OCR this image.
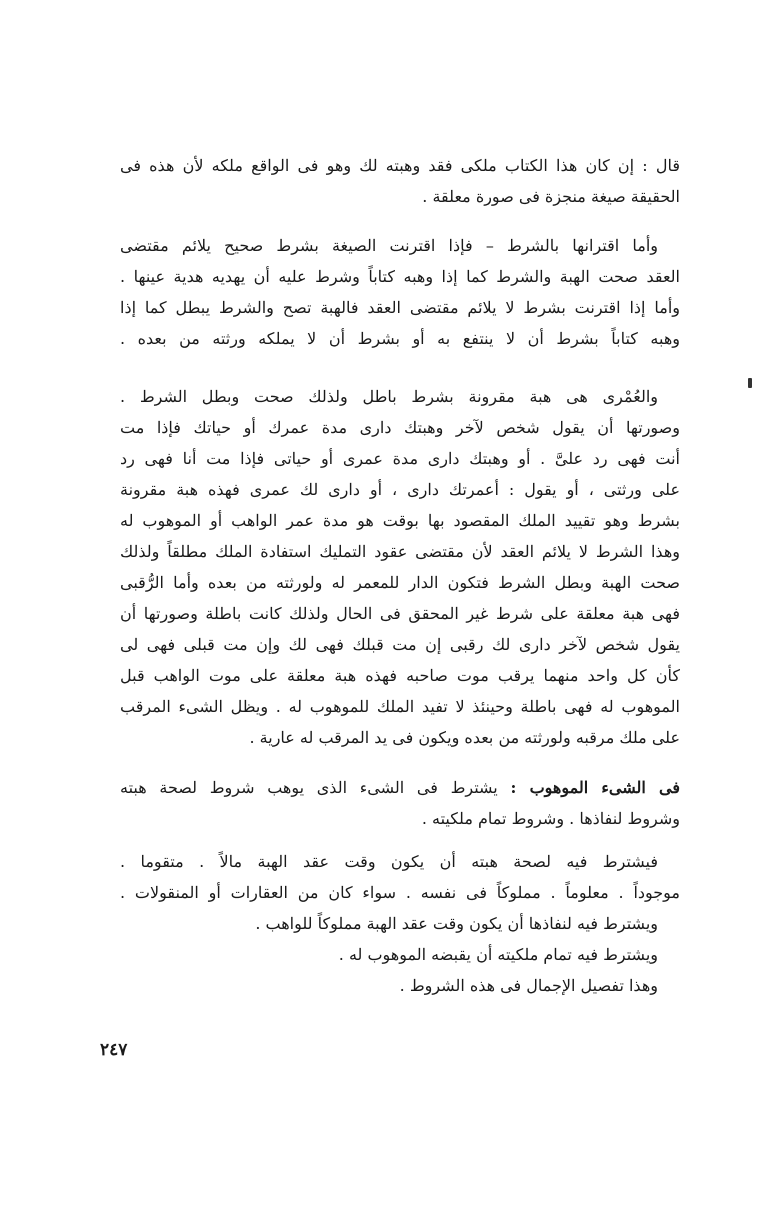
قال : إن كان هذا الكتاب ملكى فقد وهبته لك وهو فى الواقع ملكه لأن هذه فى
الحقيقة صيغة منجزة فى صورة معلقة .
وأما اقترانها بالشرط – فإذا اقترنت الصيغة بشرط صحيح يلائم مقتضى
العقد صحت الهبة والشرط كما إذا وهبه كتاباً وشرط عليه أن يهديه هدية عينها .
وأما إذا اقترنت بشرط لا يلائم مقتضى العقد فالهبة تصح والشرط يبطل كما إذا
وهبه كتاباً بشرط أن لا ينتفع به أو بشرط أن لا يملكه ورثته من بعده .
والعُمْرى هى هبة مقرونة بشرط باطل ولذلك صحت وبطل الشرط .
وصورتها أن يقول شخص لآخر وهبتك دارى مدة عمرك أو حياتك فإذا مت
أنت فهى رد علىَّ . أو وهبتك دارى مدة عمرى أو حياتى فإذا مت أنا فهى رد
على ورثتى ، أو يقول : أعمرتك دارى ، أو دارى لك عمرى فهذه هبة مقرونة
بشرط وهو تقييد الملك المقصود بها بوقت هو مدة عمر الواهب أو الموهوب له
وهذا الشرط لا يلائم العقد لأن مقتضى عقود التمليك استفادة الملك مطلقاً ولذلك
صحت الهبة وبطل الشرط فتكون الدار للمعمر له ولورثته من بعده وأما الرُّقبى
فهى هبة معلقة على شرط غير المحقق فى الحال ولذلك كانت باطلة وصورتها أن
يقول شخص لآخر دارى لك رقبى إن مت قبلك فهى لك وإن مت قبلى فهى لى
كأن كل واحد منهما يرقب موت صاحبه فهذه هبة معلقة على موت الواهب قبل
الموهوب له فهى باطلة وحينئذ لا تفيد الملك للموهوب له . ويظل الشىء المرقب
على ملك مرقبه ولورثته من بعده ويكون فى يد المرقب له عارية .
فى الشىء الموهوب : يشترط فى الشىء الذى يوهب شروط لصحة هبته
وشروط لنفاذها . وشروط تمام ملكيته .
فيشترط فيه لصحة هبته أن يكون وقت عقد الهبة مالاً . متقوما .
موجوداً . معلوماً . مملوكاً فى نفسه . سواء كان من العقارات أو المنقولات .
ويشترط فيه لنفاذها أن يكون وقت عقد الهبة مملوكاً للواهب .
ويشترط فيه تمام ملكيته أن يقبضه الموهوب له .
وهذا تفصيل الإجمال فى هذه الشروط .
٢٤٧
